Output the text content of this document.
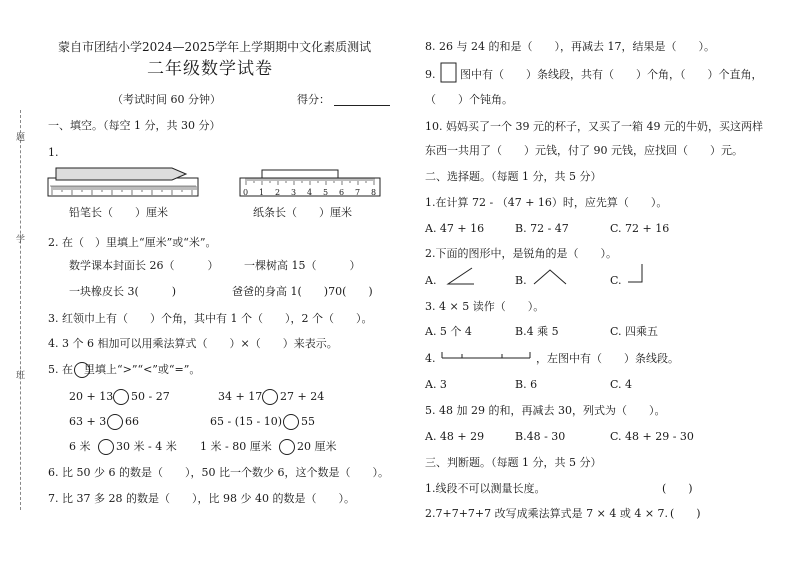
题
学
班
蒙自市团结小学2024—2025学年上学期期中文化素质测试
二年级数学试卷
（考试时间 60 分钟）	得分：
一、填空。（每空 1 分，共 30 分）
1.
0 1 2 3 4 5 6 7 8
铅笔长（　　）厘米	纸条长（　　）厘米
2. 在（　）里填上“厘米”或“米”。
数学课本封面长 26（　　　） 一棵树高 15（　　　）
一块橡皮长 3(　　　)	爸爸的身高 1(　　)70(　　)
3. 红领巾上有（　　）个角，其中有 1 个（　　），2 个（　　）。
4. 3 个 6 相加可以用乘法算式（　　）×（　　）来表示。
5. 在　里填上“>”“<”或“=”。
20 + 13 50 - 27	34 + 17 27 + 24
63 + 3 66	65 - (15 - 10) 55
6 米 30 米 - 4 米 1 米 - 80 厘米 20 厘米
6. 比 50 少 6 的数是（　　），50 比一个数少 6，这个数是（　　）。
7. 比 37 多 28 的数是（　　），比 98 少 40 的数是（　　）。
8. 26 与 24 的和是（　　），再减去 17，结果是（　　）。
9. 图中有（　　）条线段，共有（　　）个角，（　　）个直角，
（　　）个钝角。
10. 妈妈买了一个 39 元的杯子，又买了一箱 49 元的牛奶，买这两样
东西一共用了（　　）元钱，付了 90 元钱，应找回（　　）元。
二、选择题。（每题 1 分，共 5 分）
1.在计算 72 - （47 + 16）时，应先算（　　）。
A. 47 + 16	B. 72 - 47	C. 72 + 16
2.下面的图形中，是锐角的是（　　）。
A.	B.	C.
3. 4 × 5 读作（　　）。
A. 5 个 4	B.4 乘 5	C. 四乘五
4.	，左图中有（　　）条线段。
A. 3	B. 6	C. 4
5. 48 加 29 的和，再减去 30，列式为（　　）。
A. 48 + 29	B.48 - 30	C. 48 + 29 - 30
三、判断题。（每题 1 分，共 5 分）
1.线段不可以测量长度。	(　　)
2.7+7+7+7 改写成乘法算式是 7 × 4 或 4 × 7. (　　)
